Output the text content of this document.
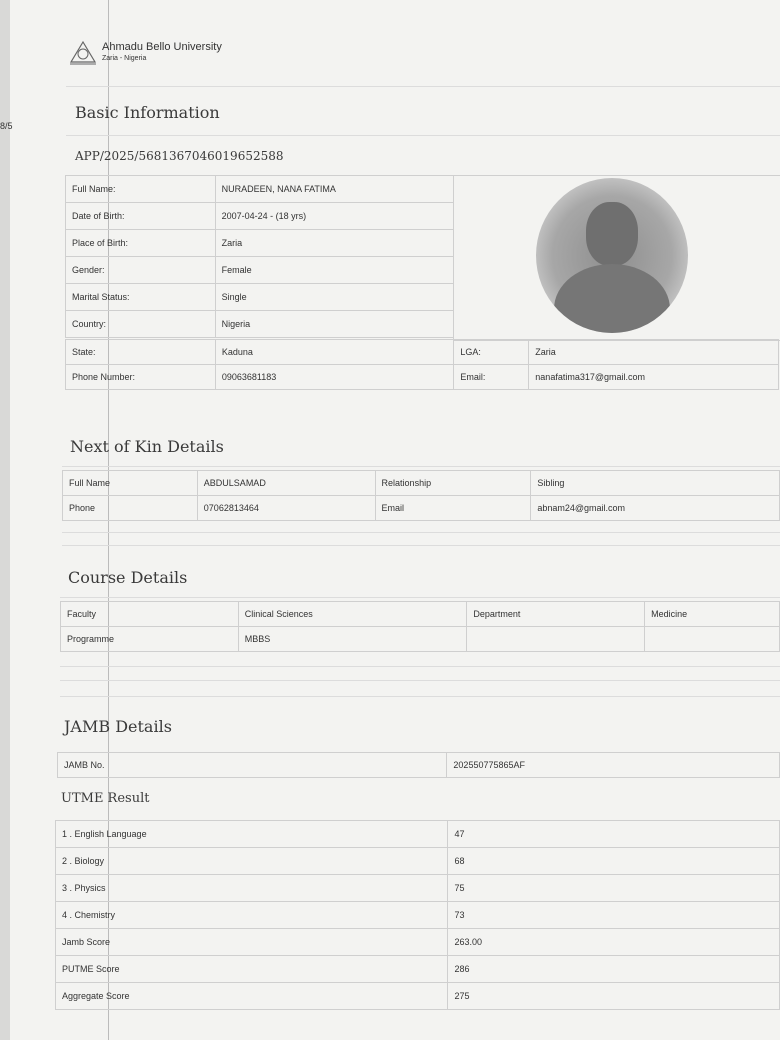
8/5
Ahmadu Bello University
Zaria - Nigeria
Basic Information
APP/2025/5681367046019652588
Full Name:	NURADEEN, NANA FATIMA
Date of Birth:	2007-04-24 - (18 yrs)
Place of Birth:	Zaria
Gender:	Female
Marital Status:	Single
Country:	Nigeria
State:	Kaduna	LGA:	Zaria
Phone Number:	09063681183	Email:	nanafatima317@gmail.com
Next of Kin Details
Full Name	ABDULSAMAD	Relationship	Sibling
Phone	07062813464	Email	abnam24@gmail.com
Course Details
Faculty	Clinical Sciences	Department	Medicine
Programme	MBBS		
JAMB Details
JAMB No.	202550775865AF
UTME Result
1 . English Language	47
2 . Biology	68
3 . Physics	75
4 . Chemistry	73
Jamb Score	263.00
PUTME Score	286
Aggregate Score	275
